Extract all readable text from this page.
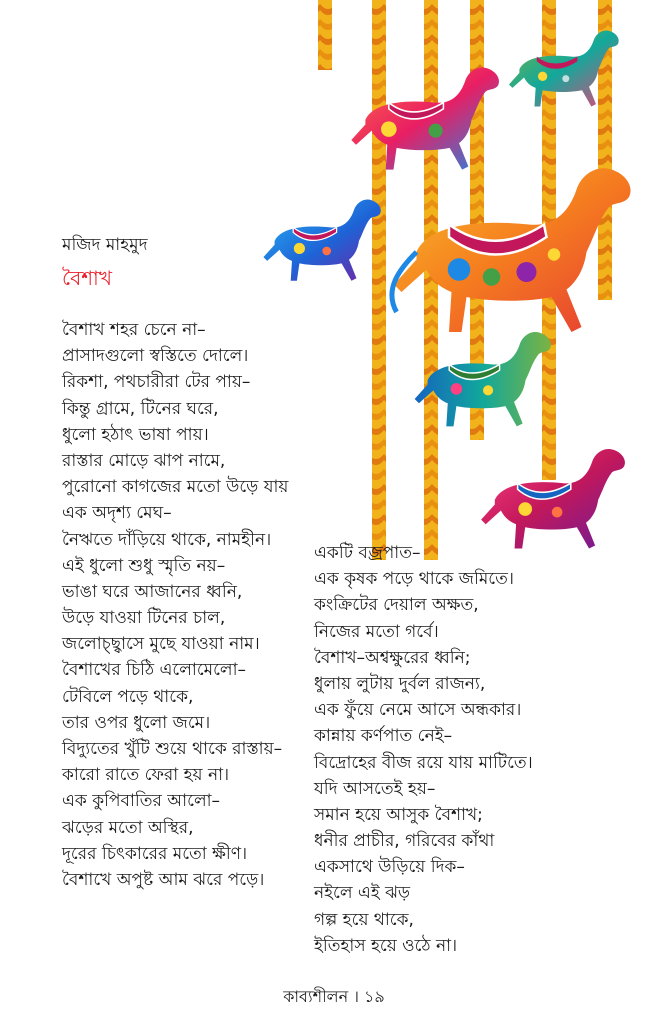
মজিদ মাহমুদ
বৈশাখ
বৈশাখ শহর চেনে না–
প্রাসাদগুলো স্বস্তিতে দোলে।
রিকশা, পথচারীরা টের পায়–
কিন্তু গ্রামে, টিনের ঘরে,
ধুলো হঠাৎ ভাষা পায়।
রাস্তার মোড়ে ঝাপ নামে,
পুরোনো কাগজের মতো উড়ে যায়
এক অদৃশ্য মেঘ–
নৈঋতে দাঁড়িয়ে থাকে, নামহীন।
এই ধুলো শুধু স্মৃতি নয়–
ভাঙা ঘরে আজানের ধ্বনি,
উড়ে যাওয়া টিনের চাল,
জলোচ্ছ্বাসে মুছে যাওয়া নাম।
বৈশাখের চিঠি এলোমেলো–
টেবিলে পড়ে থাকে,
তার ওপর ধুলো জমে।
বিদ্যুতের খুঁটি শুয়ে থাকে রাস্তায়–
কারো রাতে ফেরা হয় না।
এক কুপিবাতির আলো–
ঝড়ের মতো অস্থির,
দূরের চিৎকারের মতো ক্ষীণ।
বৈশাখে অপুষ্ট আম ঝরে পড়ে।
একটি বজ্রপাত–
এক কৃষক পড়ে থাকে জমিতে।
কংক্রিটের দেয়াল অক্ষত,
নিজের মতো গর্বে।
বৈশাখ–অশ্বক্ষুরের ধ্বনি;
ধুলায় লুটায় দুর্বল রাজন্য,
এক ফুঁয়ে নেমে আসে অন্ধকার।
কান্নায় কর্ণপাত নেই–
বিদ্রোহের বীজ রয়ে যায় মাটিতে।
যদি আসতেই হয়–
সমান হয়ে আসুক বৈশাখ;
ধনীর প্রাচীর, গরিবের কাঁথা
একসাথে উড়িয়ে দিক–
নইলে এই ঝড়
গল্প হয়ে থাকে,
ইতিহাস হয়ে ওঠে না।
কাব্যশীলন । ১৯
